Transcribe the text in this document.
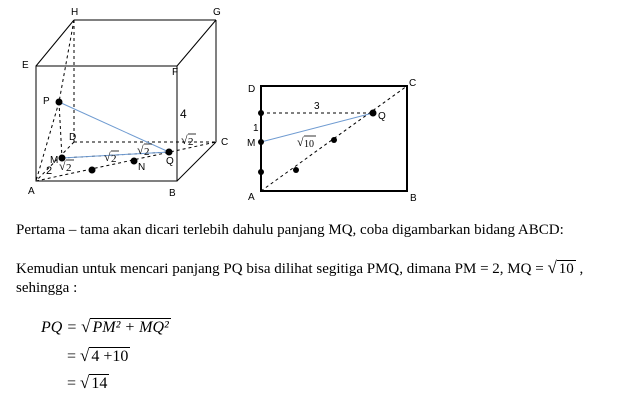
H	G
E
F
D	C
A	B
P
M
N
Q
4
2 √ 2
√ 2
√ 2
√ 2
D
C
A	B
M
Q
3
1
√ 10
Pertama – tama akan dicari terlebih dahulu panjang MQ, coba digambarkan bidang ABCD:
Kemudian untuk mencari panjang PQ bisa dilihat segitiga PMQ, dimana PM = 2, MQ = √ 10 ,
sehingga :
PQ = √ PM² + MQ²
= √ 4 +10
= √ 14
